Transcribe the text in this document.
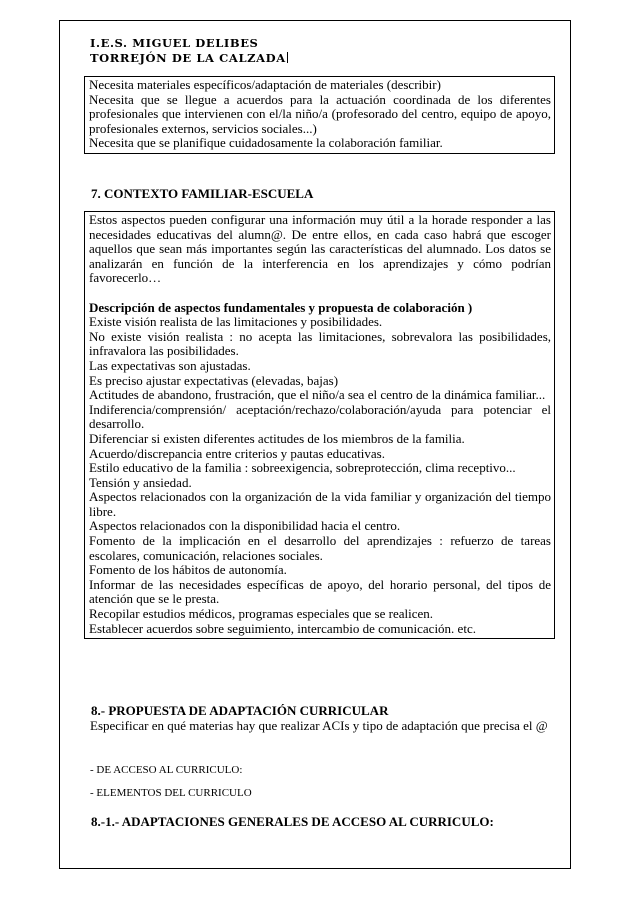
I.E.S. MIGUEL DELIBES
TORREJÓN DE LA CALZADA
Necesita materiales específicos/adaptación de materiales (describir)
Necesita que se llegue a acuerdos para la actuación coordinada de los diferentes profesionales que intervienen con el/la niño/a (profesorado del centro, equipo de apoyo, profesionales externos, servicios sociales...)
Necesita que se planifique cuidadosamente la colaboración familiar.
7. CONTEXTO FAMILIAR-ESCUELA

Estos aspectos pueden configurar una información muy útil a la horade responder a las necesidades educativas del alumn@. De entre ellos, en cada caso habrá que escoger aquellos que sean más importantes según las características del alumnado. Los datos se analizarán en función de la interferencia en los aprendizajes y cómo podrían favorecerlo…

Descripción de aspectos fundamentales y propuesta de colaboración )

Existe visión realista de las limitaciones y posibilidades.

No existe visión realista : no acepta las limitaciones, sobrevalora las posibilidades, infravalora las posibilidades.

Las expectativas son ajustadas.

Es preciso ajustar expectativas (elevadas, bajas)

Actitudes de abandono, frustración, que el niño/a sea el centro de la dinámica familiar...

Indiferencia/comprensión/ aceptación/rechazo/colaboración/ayuda para potenciar el desarrollo.

Diferenciar si existen diferentes actitudes de los miembros de la familia.

Acuerdo/discrepancia entre criterios y pautas educativas.

Estilo educativo de la familia : sobreexigencia, sobreprotección, clima receptivo...

Tensión y ansiedad.

Aspectos relacionados con la organización de la vida familiar y organización del tiempo libre.

Aspectos relacionados con la disponibilidad hacia el centro.

Fomento de la implicación en el desarrollo del aprendizajes : refuerzo de tareas escolares, comunicación, relaciones sociales.

Fomento de los hábitos de autonomía.

Informar de las necesidades específicas de apoyo, del horario personal, del tipos de atención que se le presta.

Recopilar estudios médicos, programas especiales que se realicen.

Establecer acuerdos sobre seguimiento, intercambio de comunicación. etc.

8.- PROPUESTA DE ADAPTACIÓN CURRICULAR
Especificar en qué materias hay que realizar ACIs y tipo de adaptación que precisa el @
- DE ACCESO AL CURRICULO:
- ELEMENTOS DEL CURRICULO
8.-1.- ADAPTACIONES GENERALES DE ACCESO AL CURRICULO:
